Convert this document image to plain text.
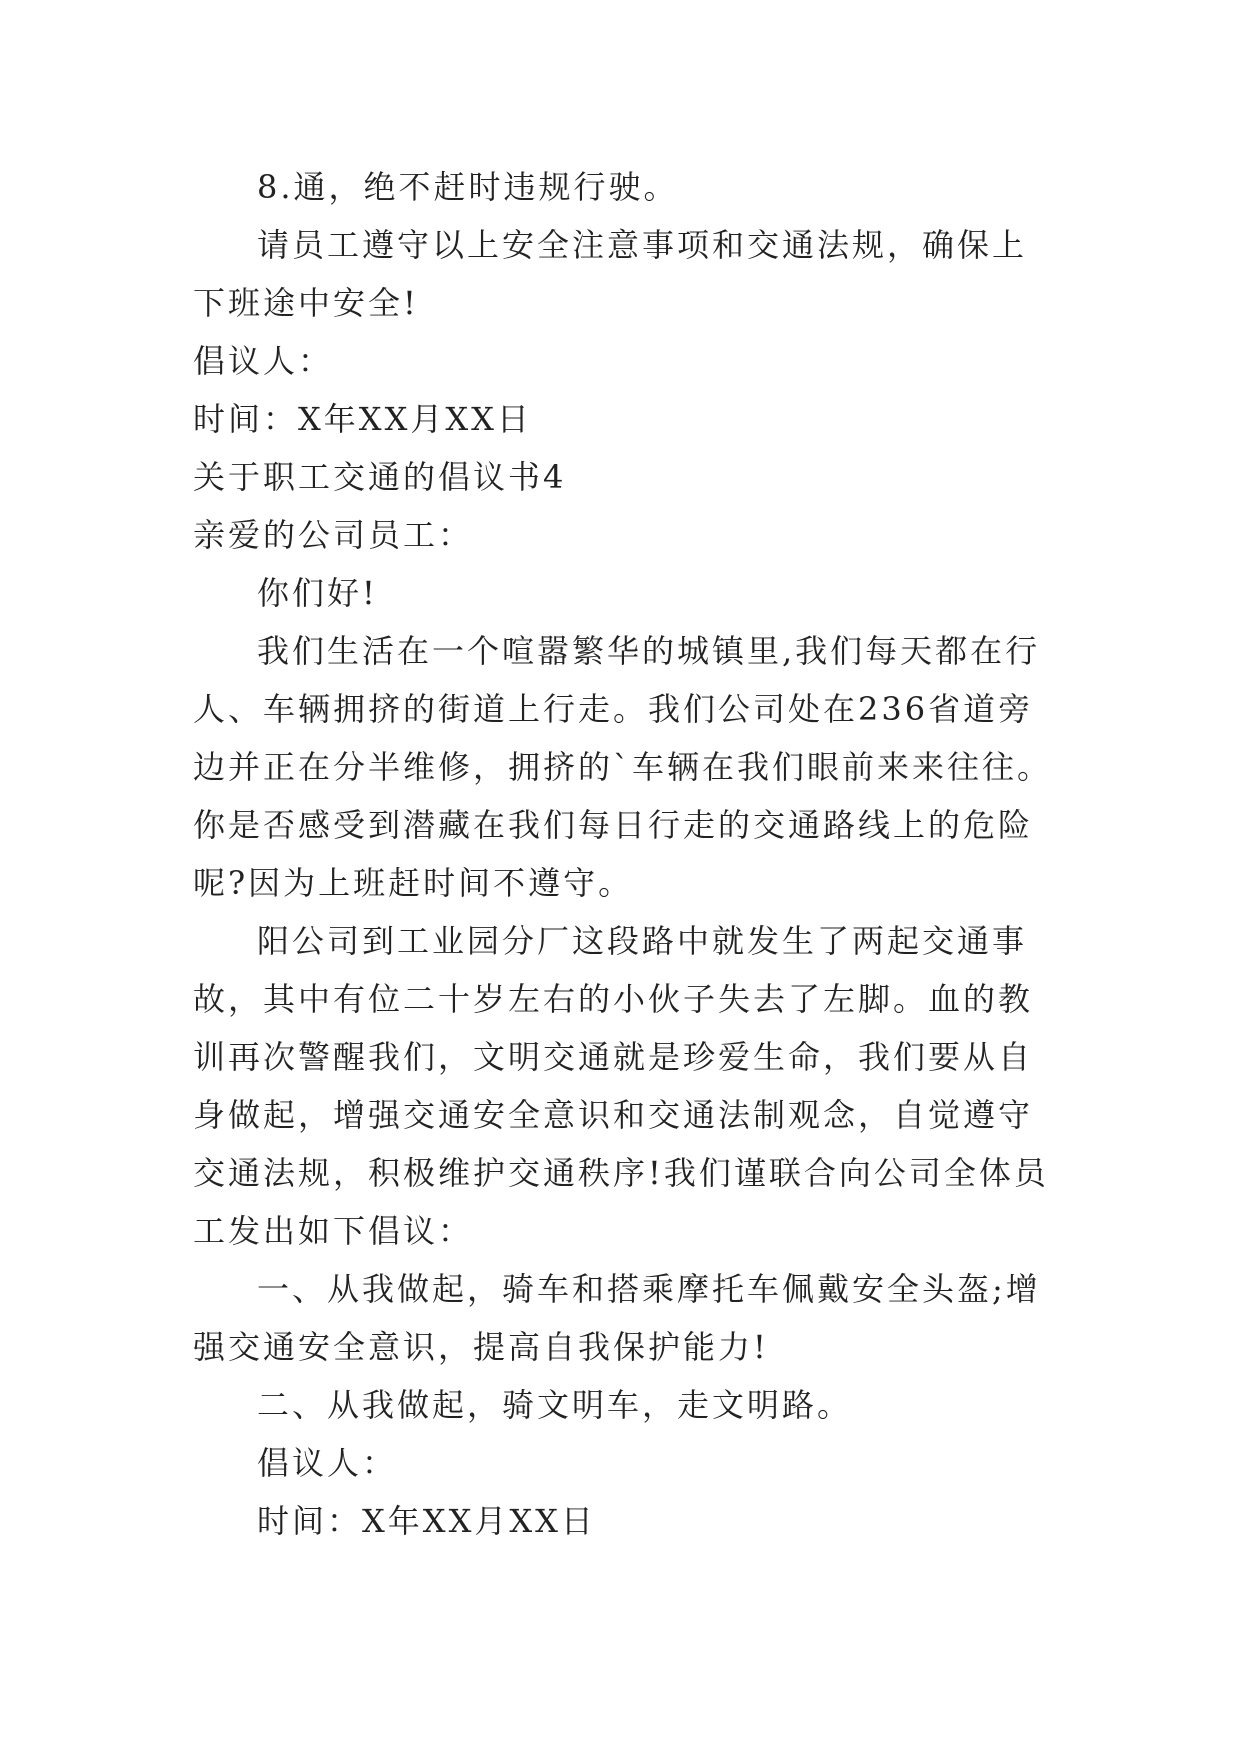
8.通，绝不赶时违规行驶。

请员工遵守以上安全注意事项和交通法规，确保上下班途中安全!

倡议人：

时间：X年XX月XX日

关于职工交通的倡议书4

亲爱的公司员工：

你们好!

我们生活在一个喧嚣繁华的城镇里,我们每天都在行人、车辆拥挤的街道上行走。我们公司处在236省道旁边并正在分半维修，拥挤的`车辆在我们眼前来来往往。你是否感受到潜藏在我们每日行走的交通路线上的危险呢?因为上班赶时间不遵守。

阳公司到工业园分厂这段路中就发生了两起交通事故，其中有位二十岁左右的小伙子失去了左脚。血的教训再次警醒我们，文明交通就是珍爱生命，我们要从自身做起，增强交通安全意识和交通法制观念，自觉遵守交通法规，积极维护交通秩序!我们谨联合向公司全体员工发出如下倡议：

一、从我做起，骑车和搭乘摩托车佩戴安全头盔;增强交通安全意识，提高自我保护能力!

二、从我做起，骑文明车，走文明路。

倡议人：

时间：X年XX月XX日
